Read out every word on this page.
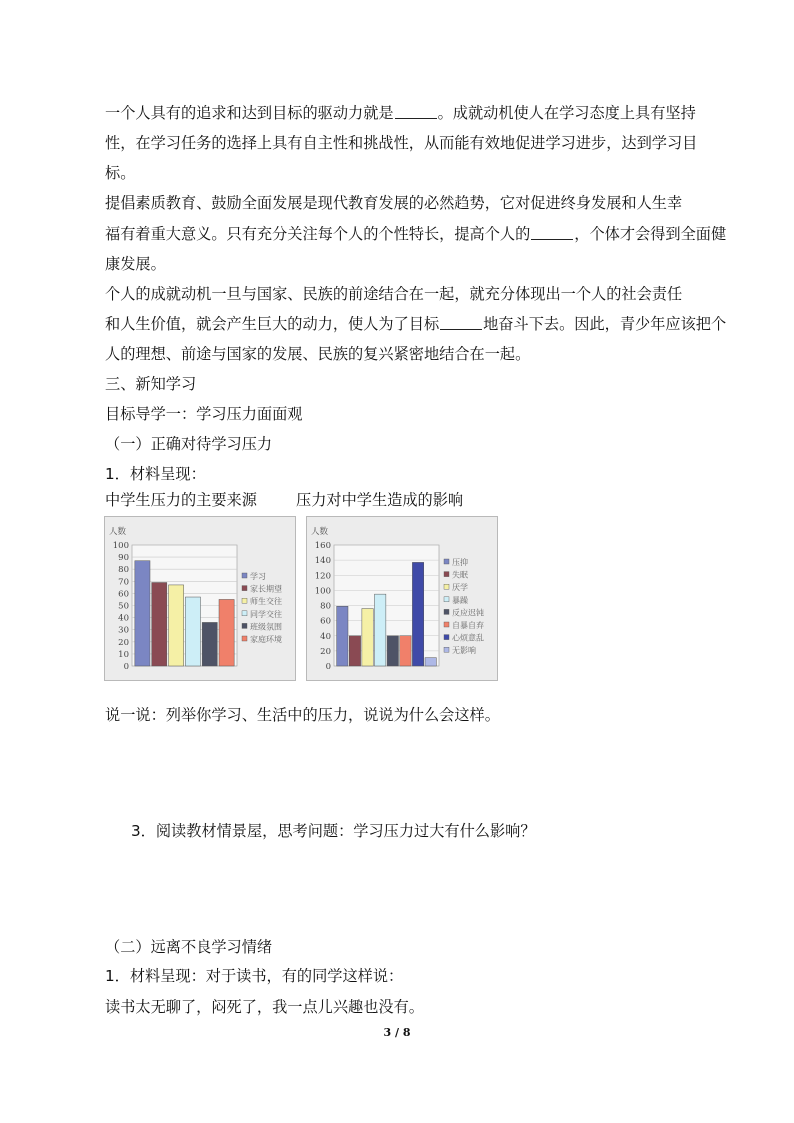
一个人具有的追求和达到目标的驱动力就是	。成就动机使人在学习态度上具有坚持
性，在学习任务的选择上具有自主性和挑战性，从而能有效地促进学习进步，达到学习目
标。
提倡素质教育、鼓励全面发展是现代教育发展的必然趋势，它对促进终身发展和人生幸
福有着重大意义。只有充分关注每个人的个性特长，提高个人的	，个体才会得到全面健
康发展。
个人的成就动机一旦与国家、民族的前途结合在一起，就充分体现出一个人的社会责任
和人生价值，就会产生巨大的动力，使人为了目标	地奋斗下去。因此，青少年应该把个
人的理想、前途与国家的发展、民族的复兴紧密地结合在一起。
三、新知学习
目标导学一：学习压力面面观
（一）正确对待学习压力
1．材料呈现：
中学生压力的主要来源	压力对中学生造成的影响
人数
0
10
20
30
40
50
60
70
80
90
100
学习
家长期望
师生交往
同学交往
班级氛围
家庭环境
人数
0
20
40
60
80
100
120
140
160
压抑
失眠
厌学
暴躁
反应迟钝
自暴自弃
心烦意乱
无影响
说一说：列举你学习、生活中的压力，说说为什么会这样。
3．阅读教材情景屋，思考问题：学习压力过大有什么影响？
（二）远离不良学习情绪
1．材料呈现：对于读书，有的同学这样说：
读书太无聊了，闷死了，我一点儿兴趣也没有。
3 / 8
